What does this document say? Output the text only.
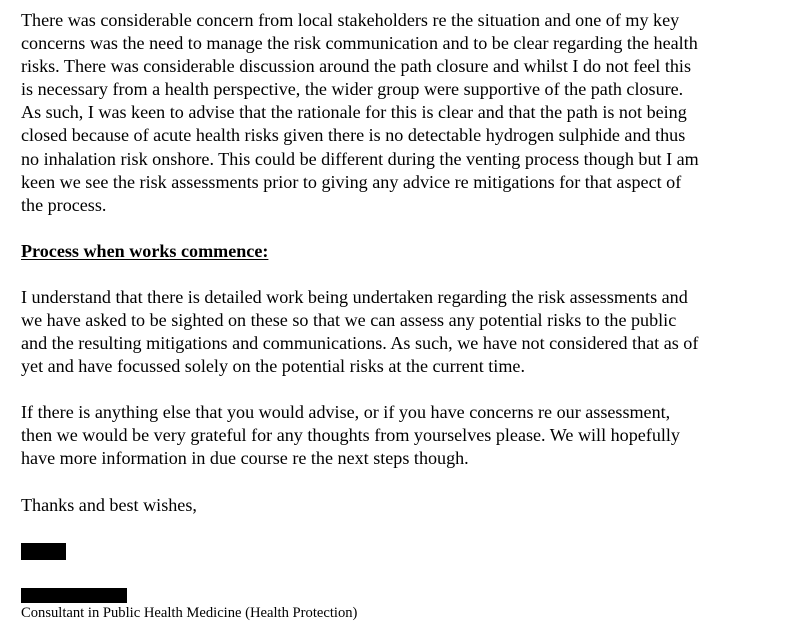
There was considerable concern from local stakeholders re the situation and one of my key
concerns was the need to manage the risk communication and to be clear regarding the health
risks. There was considerable discussion around the path closure and whilst I do not feel this
is necessary from a health perspective, the wider group were supportive of the path closure.
As such, I was keen to advise that the rationale for this is clear and that the path is not being
closed because of acute health risks given there is no detectable hydrogen sulphide and thus
no inhalation risk onshore. This could be different during the venting process though but I am
keen we see the risk assessments prior to giving any advice re mitigations for that aspect of
the process.

Process when works commence:

I understand that there is detailed work being undertaken regarding the risk assessments and
we have asked to be sighted on these so that we can assess any potential risks to the public
and the resulting mitigations and communications. As such, we have not considered that as of
yet and have focussed solely on the potential risks at the current time.

If there is anything else that you would advise, or if you have concerns re our assessment,
then we would be very grateful for any thoughts from yourselves please. We will hopefully
have more information in due course re the next steps though.

Thanks and best wishes,

Consultant in Public Health Medicine (Health Protection)
